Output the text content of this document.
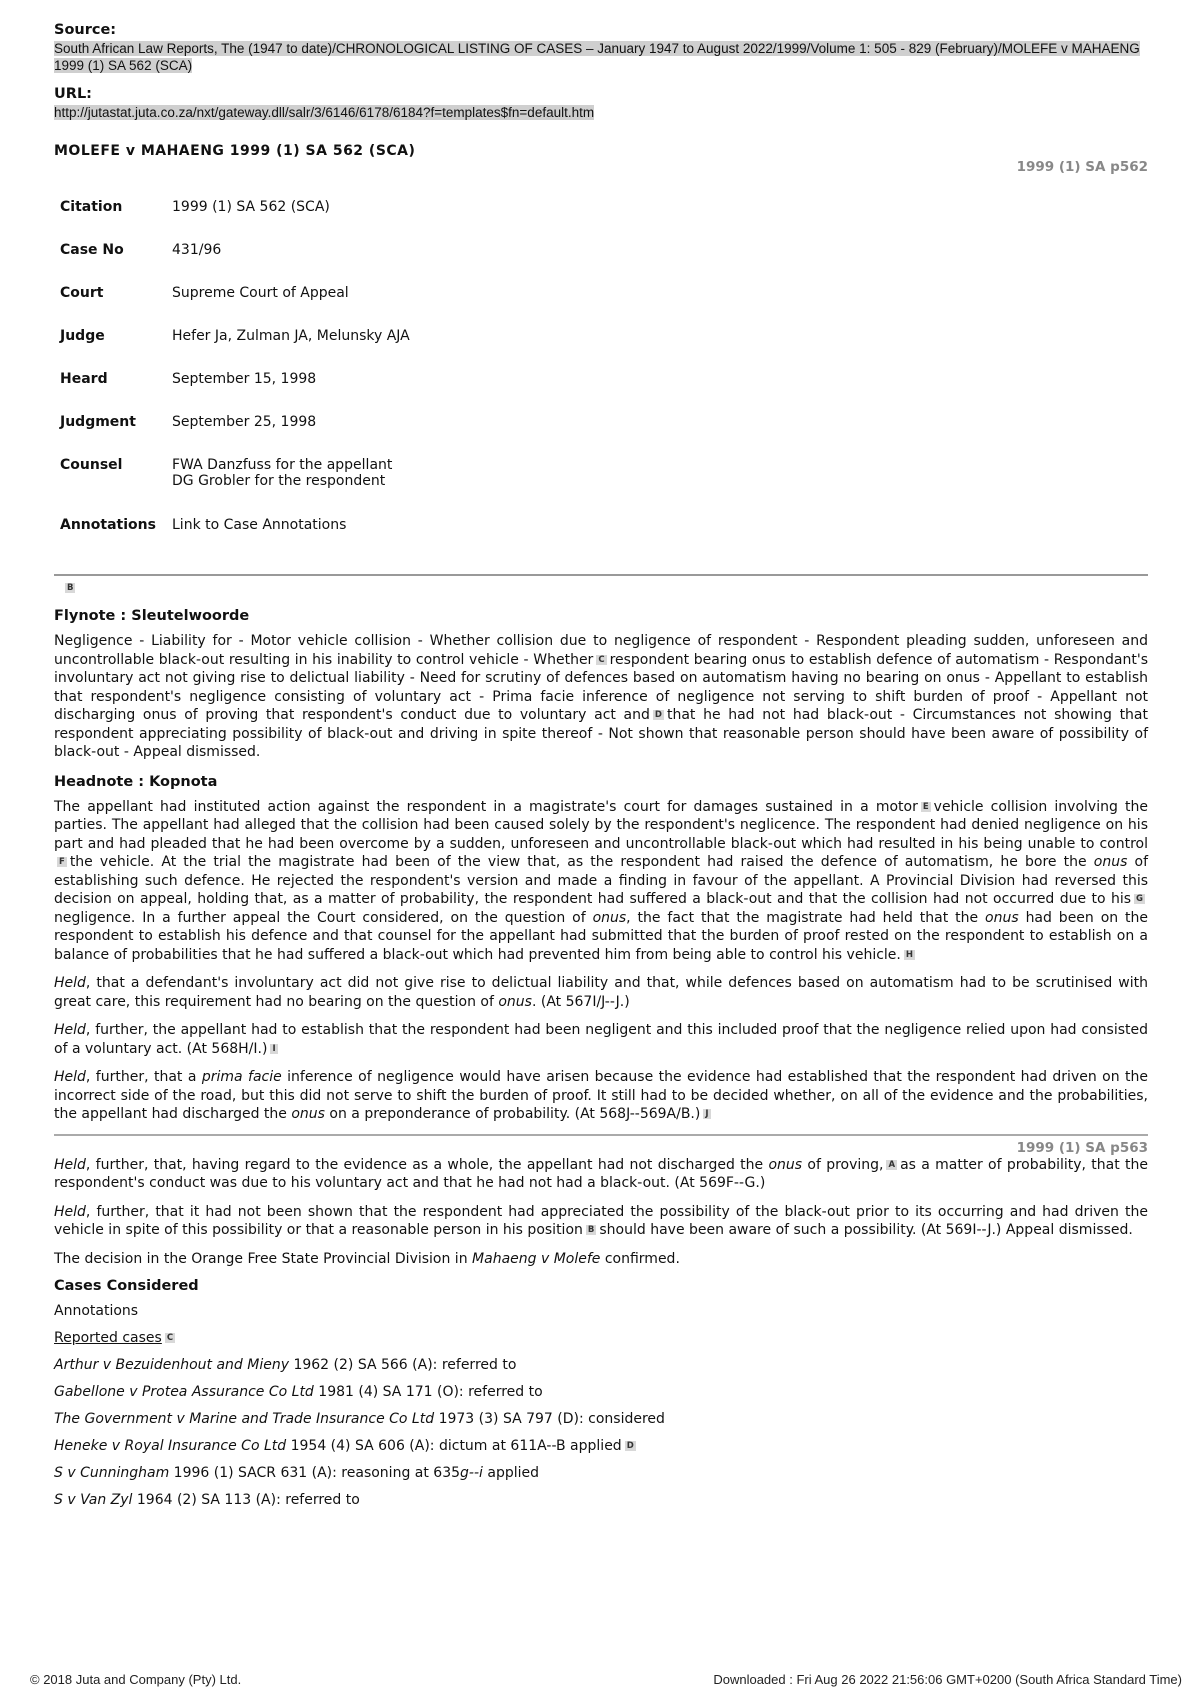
Source:
South African Law Reports, The (1947 to date)/CHRONOLOGICAL LISTING OF CASES – January 1947 to August 2022/1999/Volume 1: 505 - 829 (February)/MOLEFE v MAHAENG 1999 (1) SA 562 (SCA)
URL:
http://jutastat.juta.co.za/nxt/gateway.dll/salr/3/6146/6178/6184?f=templates$fn=default.htm
MOLEFE v MAHAENG 1999 (1) SA 562 (SCA)
1999 (1) SA p562
Citation	1999 (1) SA 562 (SCA)
Case No	431/96
Court	Supreme Court of Appeal
Judge	Hefer Ja, Zulman JA, Melunsky AJA
Heard	September 15, 1998
Judgment	September 25, 1998
Counsel	FWA Danzfuss for the appellant
DG Grobler for the respondent

Annotations	Link to Case Annotations
B
Flynote : Sleutelwoorde

Negligence - Liability for - Motor vehicle collision - Whether collision due to negligence of respondent - Respondent pleading sudden, unforeseen and uncontrollable black-out resulting in his inability to control vehicle - Whether C respondent bearing onus to establish defence of automatism - Respondant's involuntary act not giving rise to delictual liability - Need for scrutiny of defences based on automatism having no bearing on onus - Appellant to establish that respondent's negligence consisting of voluntary act - Prima facie inference of negligence not serving to shift burden of proof - Appellant not discharging onus of proving that respondent's conduct due to voluntary act and D that he had not had black-out - Circumstances not showing that respondent appreciating possibility of black-out and driving in spite thereof - Not shown that reasonable person should have been aware of possibility of black-out - Appeal dismissed.

Headnote : Kopnota

The appellant had instituted action against the respondent in a magistrate's court for damages sustained in a motor E vehicle collision involving the parties. The appellant had alleged that the collision had been caused solely by the respondent's neglicence. The respondent had denied negligence on his part and had pleaded that he had been overcome by a sudden, unforeseen and uncontrollable black-out which had resulted in his being unable to controlF the vehicle. At the trial the magistrate had been of the view that, as the respondent had raised the defence of automatism, he bore the onus of establishing such defence. He rejected the respondent's version and made a finding in favour of the appellant. A Provincial Division had reversed this decision on appeal, holding that, as a matter of probability, the respondent had suffered a black-out and that the collision had not occurred due to his Gnegligence. In a further appeal the Court considered, on the question of onus, the fact that the magistrate had held that the onus had been on the respondent to establish his defence and that counsel for the appellant had submitted that the burden of proof rested on the respondent to establish on a balance of probabilities that he had suffered a black-out which had prevented him from being able to control his vehicle. H

Held, that a defendant's involuntary act did not give rise to delictual liability and that, while defences based on automatism had to be scrutinised with great care, this requirement had no bearing on the question of onus. (At 567I/J--J.)

Held, further, the appellant had to establish that the respondent had been negligent and this included proof that the negligence relied upon had consisted of a voluntary act. (At 568H/I.) I

Held, further, that a prima facie inference of negligence would have arisen because the evidence had established that the respondent had driven on the incorrect side of the road, but this did not serve to shift the burden of proof. It still had to be decided whether, on all of the evidence and the probabilities, the appellant had discharged the onus on a preponderance of probability. (At 568J--569A/B.) J

1999 (1) SA p563

Held, further, that, having regard to the evidence as a whole, the appellant had not discharged the onus of proving, A as a matter of probability, that the respondent's conduct was due to his voluntary act and that he had not had a black-out. (At 569F--G.)

Held, further, that it had not been shown that the respondent had appreciated the possibility of the black-out prior to its occurring and had driven the vehicle in spite of this possibility or that a reasonable person in his position B should have been aware of such a possibility. (At 569I--J.) Appeal dismissed.

The decision in the Orange Free State Provincial Division in Mahaeng v Molefe confirmed.

Cases Considered

Annotations

Reported cases C

Arthur v Bezuidenhout and Mieny 1962 (2) SA 566 (A): referred to

Gabellone v Protea Assurance Co Ltd 1981 (4) SA 171 (O): referred to

The Government v Marine and Trade Insurance Co Ltd 1973 (3) SA 797 (D): considered

Heneke v Royal Insurance Co Ltd 1954 (4) SA 606 (A): dictum at 611A--B applied D

S v Cunningham 1996 (1) SACR 631 (A): reasoning at 635g--i applied

S v Van Zyl 1964 (2) SA 113 (A): referred to

© 2018 Juta and Company (Pty) Ltd.	Downloaded : Fri Aug 26 2022 21:56:06 GMT+0200 (South Africa Standard Time)
